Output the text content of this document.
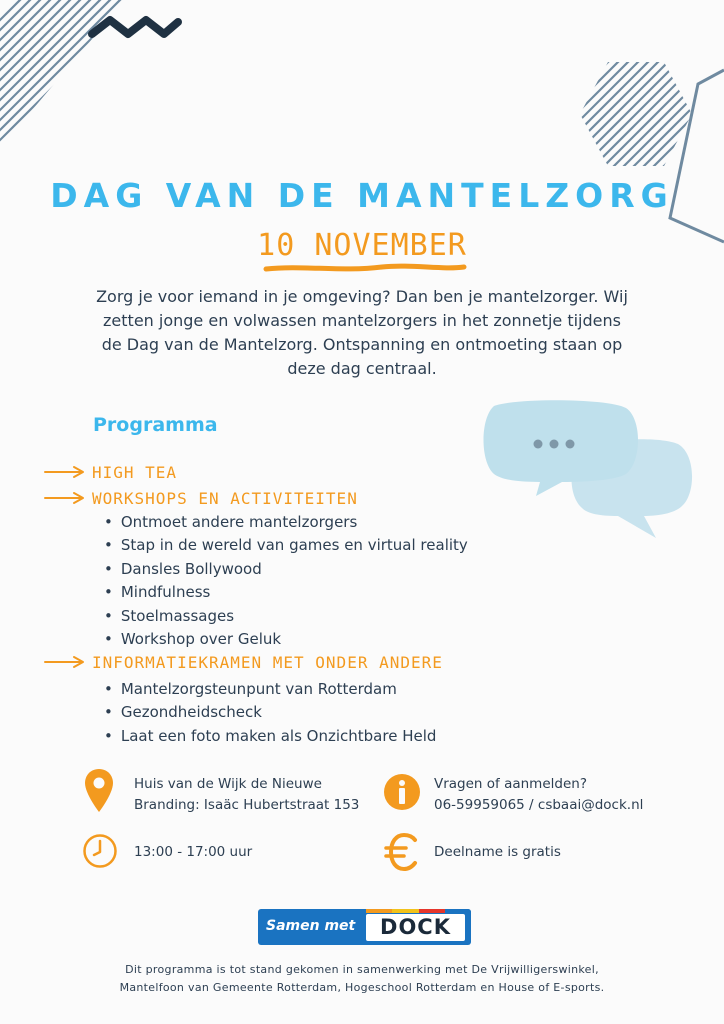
DAG VAN DE MANTELZORG
10 NOVEMBER
Zorg je voor iemand in je omgeving? Dan ben je mantelzorger. Wij
zetten jonge en volwassen mantelzorgers in het zonnetje tijdens
de Dag van de Mantelzorg. Ontspanning en ontmoeting staan op
deze dag centraal.
Programma
HIGH TEA
WORKSHOPS EN ACTIVITEITEN
• Ontmoet andere mantelzorgers
• Stap in de wereld van games en virtual reality
• Dansles Bollywood
• Mindfulness
• Stoelmassages
• Workshop over Geluk
INFORMATIEKRAMEN MET ONDER ANDERE
• Mantelzorgsteunpunt van Rotterdam
• Gezondheidscheck
• Laat een foto maken als Onzichtbare Held
Huis van de Wijk de Nieuwe
Branding: Isaäc Hubertstraat 153
Vragen of aanmelden?
06-59959065 / csbaai@dock.nl
13:00 - 17:00 uur	Deelname is gratis
Samen met	DOCK
Dit programma is tot stand gekomen in samenwerking met De Vrijwilligerswinkel,
Mantelfoon van Gemeente Rotterdam, Hogeschool Rotterdam en House of E-sports.
